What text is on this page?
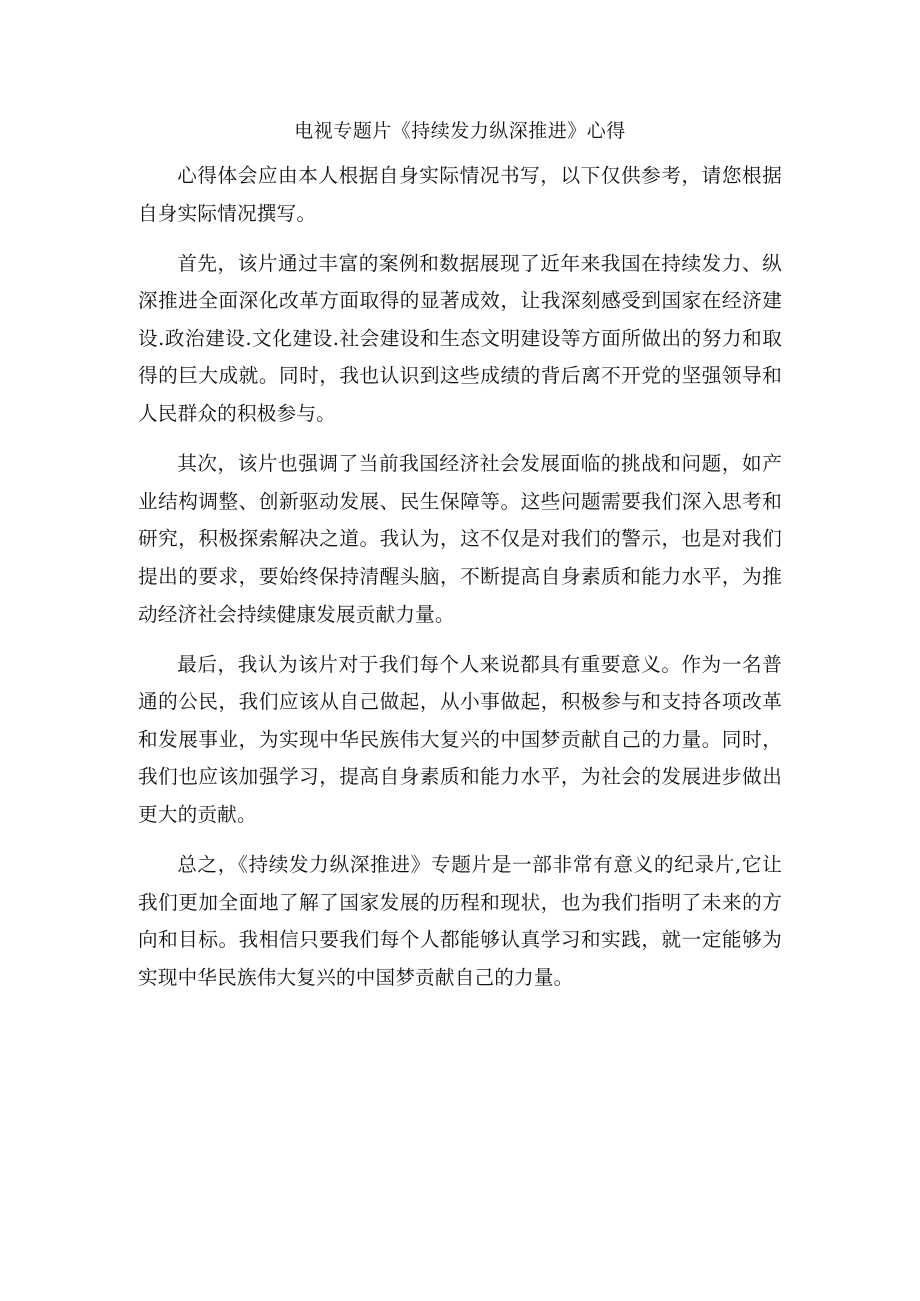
电视专题片《持续发力纵深推进》心得

心得体会应由本人根据自身实际情况书写，以下仅供参考，请您根据自身实际情况撰写。

首先，该片通过丰富的案例和数据展现了近年来我国在持续发力、纵深推进全面深化改革方面取得的显著成效，让我深刻感受到国家在经济建设.政治建设.文化建设.社会建设和生态文明建设等方面所做出的努力和取得的巨大成就。同时，我也认识到这些成绩的背后离不开党的坚强领导和人民群众的积极参与。

其次，该片也强调了当前我国经济社会发展面临的挑战和问题，如产业结构调整、创新驱动发展、民生保障等。这些问题需要我们深入思考和研究，积极探索解决之道。我认为，这不仅是对我们的警示，也是对我们提出的要求，要始终保持清醒头脑，不断提高自身素质和能力水平，为推动经济社会持续健康发展贡献力量。

最后，我认为该片对于我们每个人来说都具有重要意义。作为一名普通的公民，我们应该从自己做起，从小事做起，积极参与和支持各项改革和发展事业，为实现中华民族伟大复兴的中国梦贡献自己的力量。同时，我们也应该加强学习，提高自身素质和能力水平，为社会的发展进步做出更大的贡献。

总之，《持续发力纵深推进》专题片是一部非常有意义的纪录片,它让我们更加全面地了解了国家发展的历程和现状，也为我们指明了未来的方向和目标。我相信只要我们每个人都能够认真学习和实践，就一定能够为实现中华民族伟大复兴的中国梦贡献自己的力量。
